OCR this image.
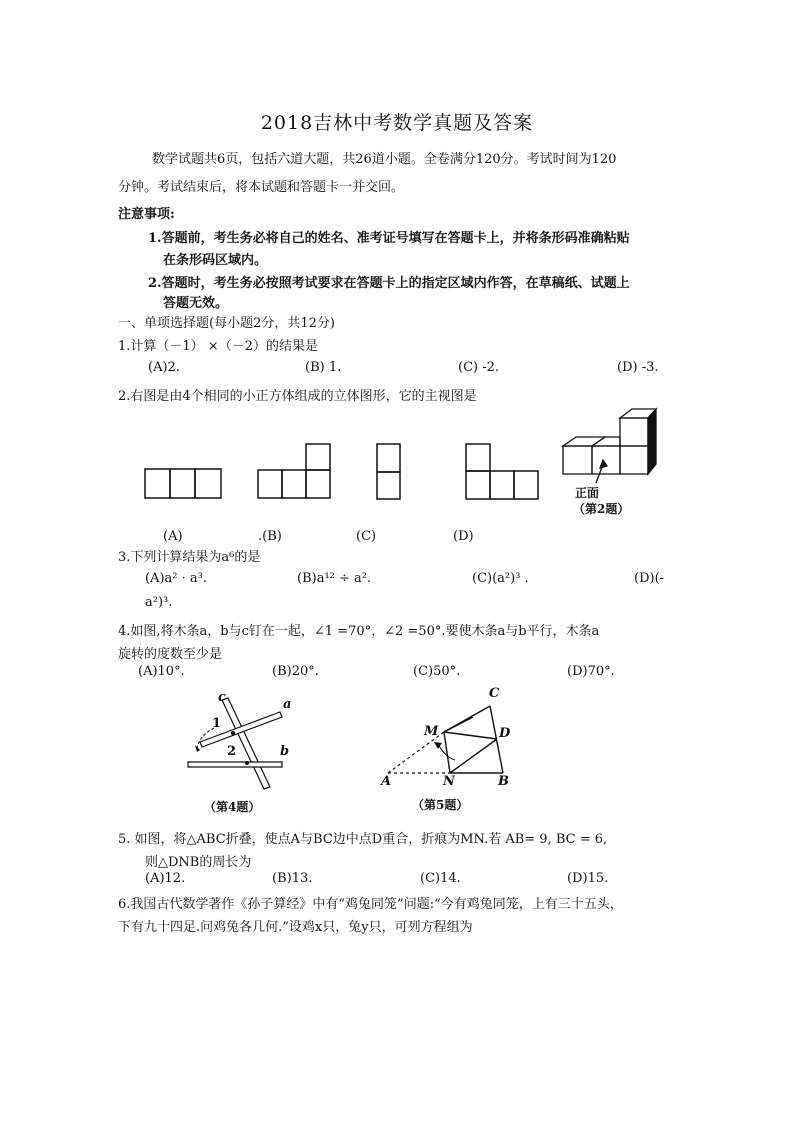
2018吉林中考数学真题及答案
数学试题共6页，包括六道大题，共26道小题。全卷满分120分。考试时间为120
分钟。考试结束后，将本试题和答题卡一并交回。
注意事项:
1.答题前，考生务必将自己的姓名、准考证号填写在答题卡上，并将条形码准确粘贴
在条形码区域内。
2.答题时，考生务必按照考试要求在答题卡上的指定区域内作答，在草稿纸、试题上
答题无效。
一、单项选择题(每小题2分，共12分)
1.计算（－1） ×（－2）的结果是
(A)2.	(B) 1.	(C) -2.	(D) -3.
2.右图是由4个相同的小正方体组成的立体图形，它的主视图是
正面
（第2题）
(A)	.(B)	(C)	(D)
3.下列计算结果为a⁶的是
(A)a² · a³.	(B)a¹² ÷ a².	(C)(a²)³ .	(D)(-
a²)³.
4.如图,将木条a，b与c钉在一起，∠1 =70°，∠2 =50°.要使木条a与b平行，木条a
旋转的度数至少是
(A)10°.	(B)20°.	(C)50°.	(D)70°.
c	a
b
1
2
（第4题）
C
M	D
A	N	B
（第5题）
5. 如图，将△ABC折叠，使点A与BC边中点D重合，折痕为MN.若 AB= 9, BC = 6,
则△DNB的周长为
(A)12.	(B)13.	(C)14.	(D)15.
6.我国古代数学著作《孙子算经》中有“鸡兔同笼”问题:“今有鸡兔同笼，上有三十五头，
下有九十四足.问鸡兔各几何.”设鸡x只，兔y只，可列方程组为
